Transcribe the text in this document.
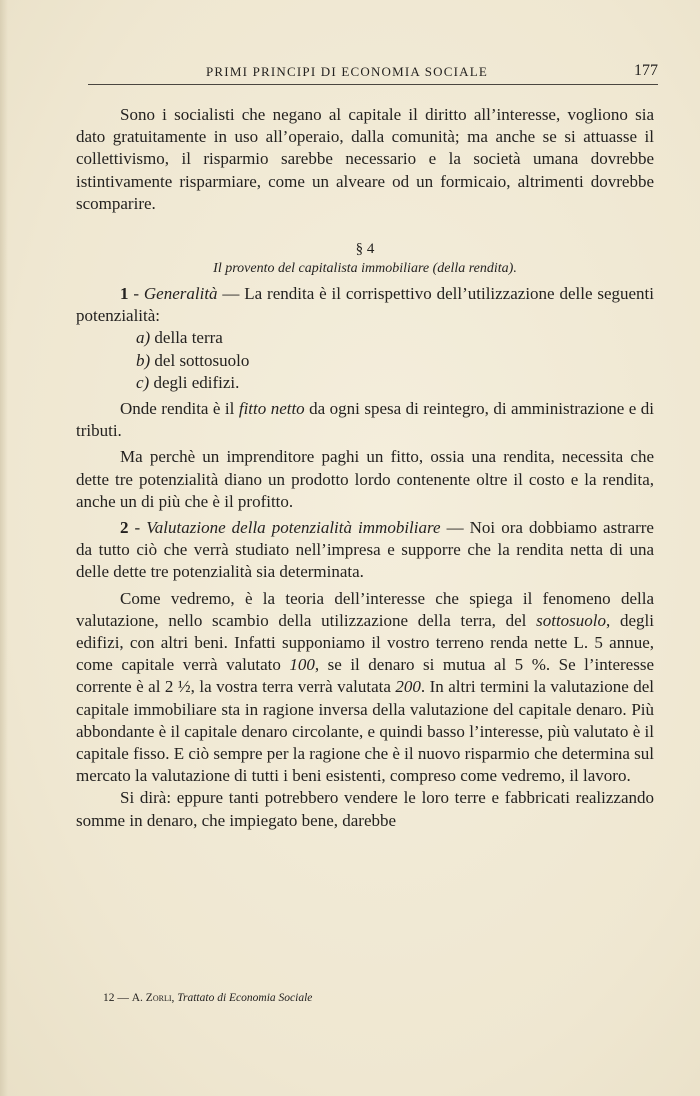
PRIMI PRINCIPI DI ECONOMIA SOCIALE	177

Sono i socialisti che negano al capitale il diritto all’interesse, vogliono sia dato gratuitamente in uso all’operaio, dalla comunità; ma anche se si attuasse il collettivismo, il risparmio sarebbe necessario e la società umana dovrebbe istintivamente risparmiare, come un alveare od un formicaio, altrimenti dovrebbe scomparire.

§ 4
Il provento del capitalista immobiliare (della rendita).

1 - Generalità — La rendita è il corrispettivo dell’utilizzazione delle seguenti potenzialità:

a) della terra
b) del sottosuolo
c) degli edifizi.

Onde rendita è il fitto netto da ogni spesa di reintegro, di amministrazione e di tributi.

Ma perchè un imprenditore paghi un fitto, ossia una rendita, necessita che dette tre potenzialità diano un prodotto lordo contenente oltre il costo e la rendita, anche un di più che è il profitto.

2 - Valutazione della potenzialità immobiliare — Noi ora dobbiamo astrarre da tutto ciò che verrà studiato nell’impresa e supporre che la rendita netta di una delle dette tre potenzialità sia determinata.

Come vedremo, è la teoria dell’interesse che spiega il fenomeno della valutazione, nello scambio della utilizzazione della terra, del sottosuolo, degli edifizi, con altri beni. Infatti supponiamo il vostro terreno renda nette L. 5 annue, come capitale verrà valutato 100, se il denaro si mutua al 5 %. Se l’interesse corrente è al 2 ½, la vostra terra verrà valutata 200. In altri termini la valutazione del capitale immobiliare sta in ragione inversa della valutazione del capitale denaro. Più abbondante è il capitale denaro circolante, e quindi basso l’interesse, più valutato è il capitale fisso. E ciò sempre per la ragione che è il nuovo risparmio che determina sul mercato la valutazione di tutti i beni esistenti, compreso come vedremo, il lavoro.

Si dirà: eppure tanti potrebbero vendere le loro terre e fabbricati realizzando somme in denaro, che impiegato bene, darebbe

12 — A. Zorli, Trattato di Economia Sociale
